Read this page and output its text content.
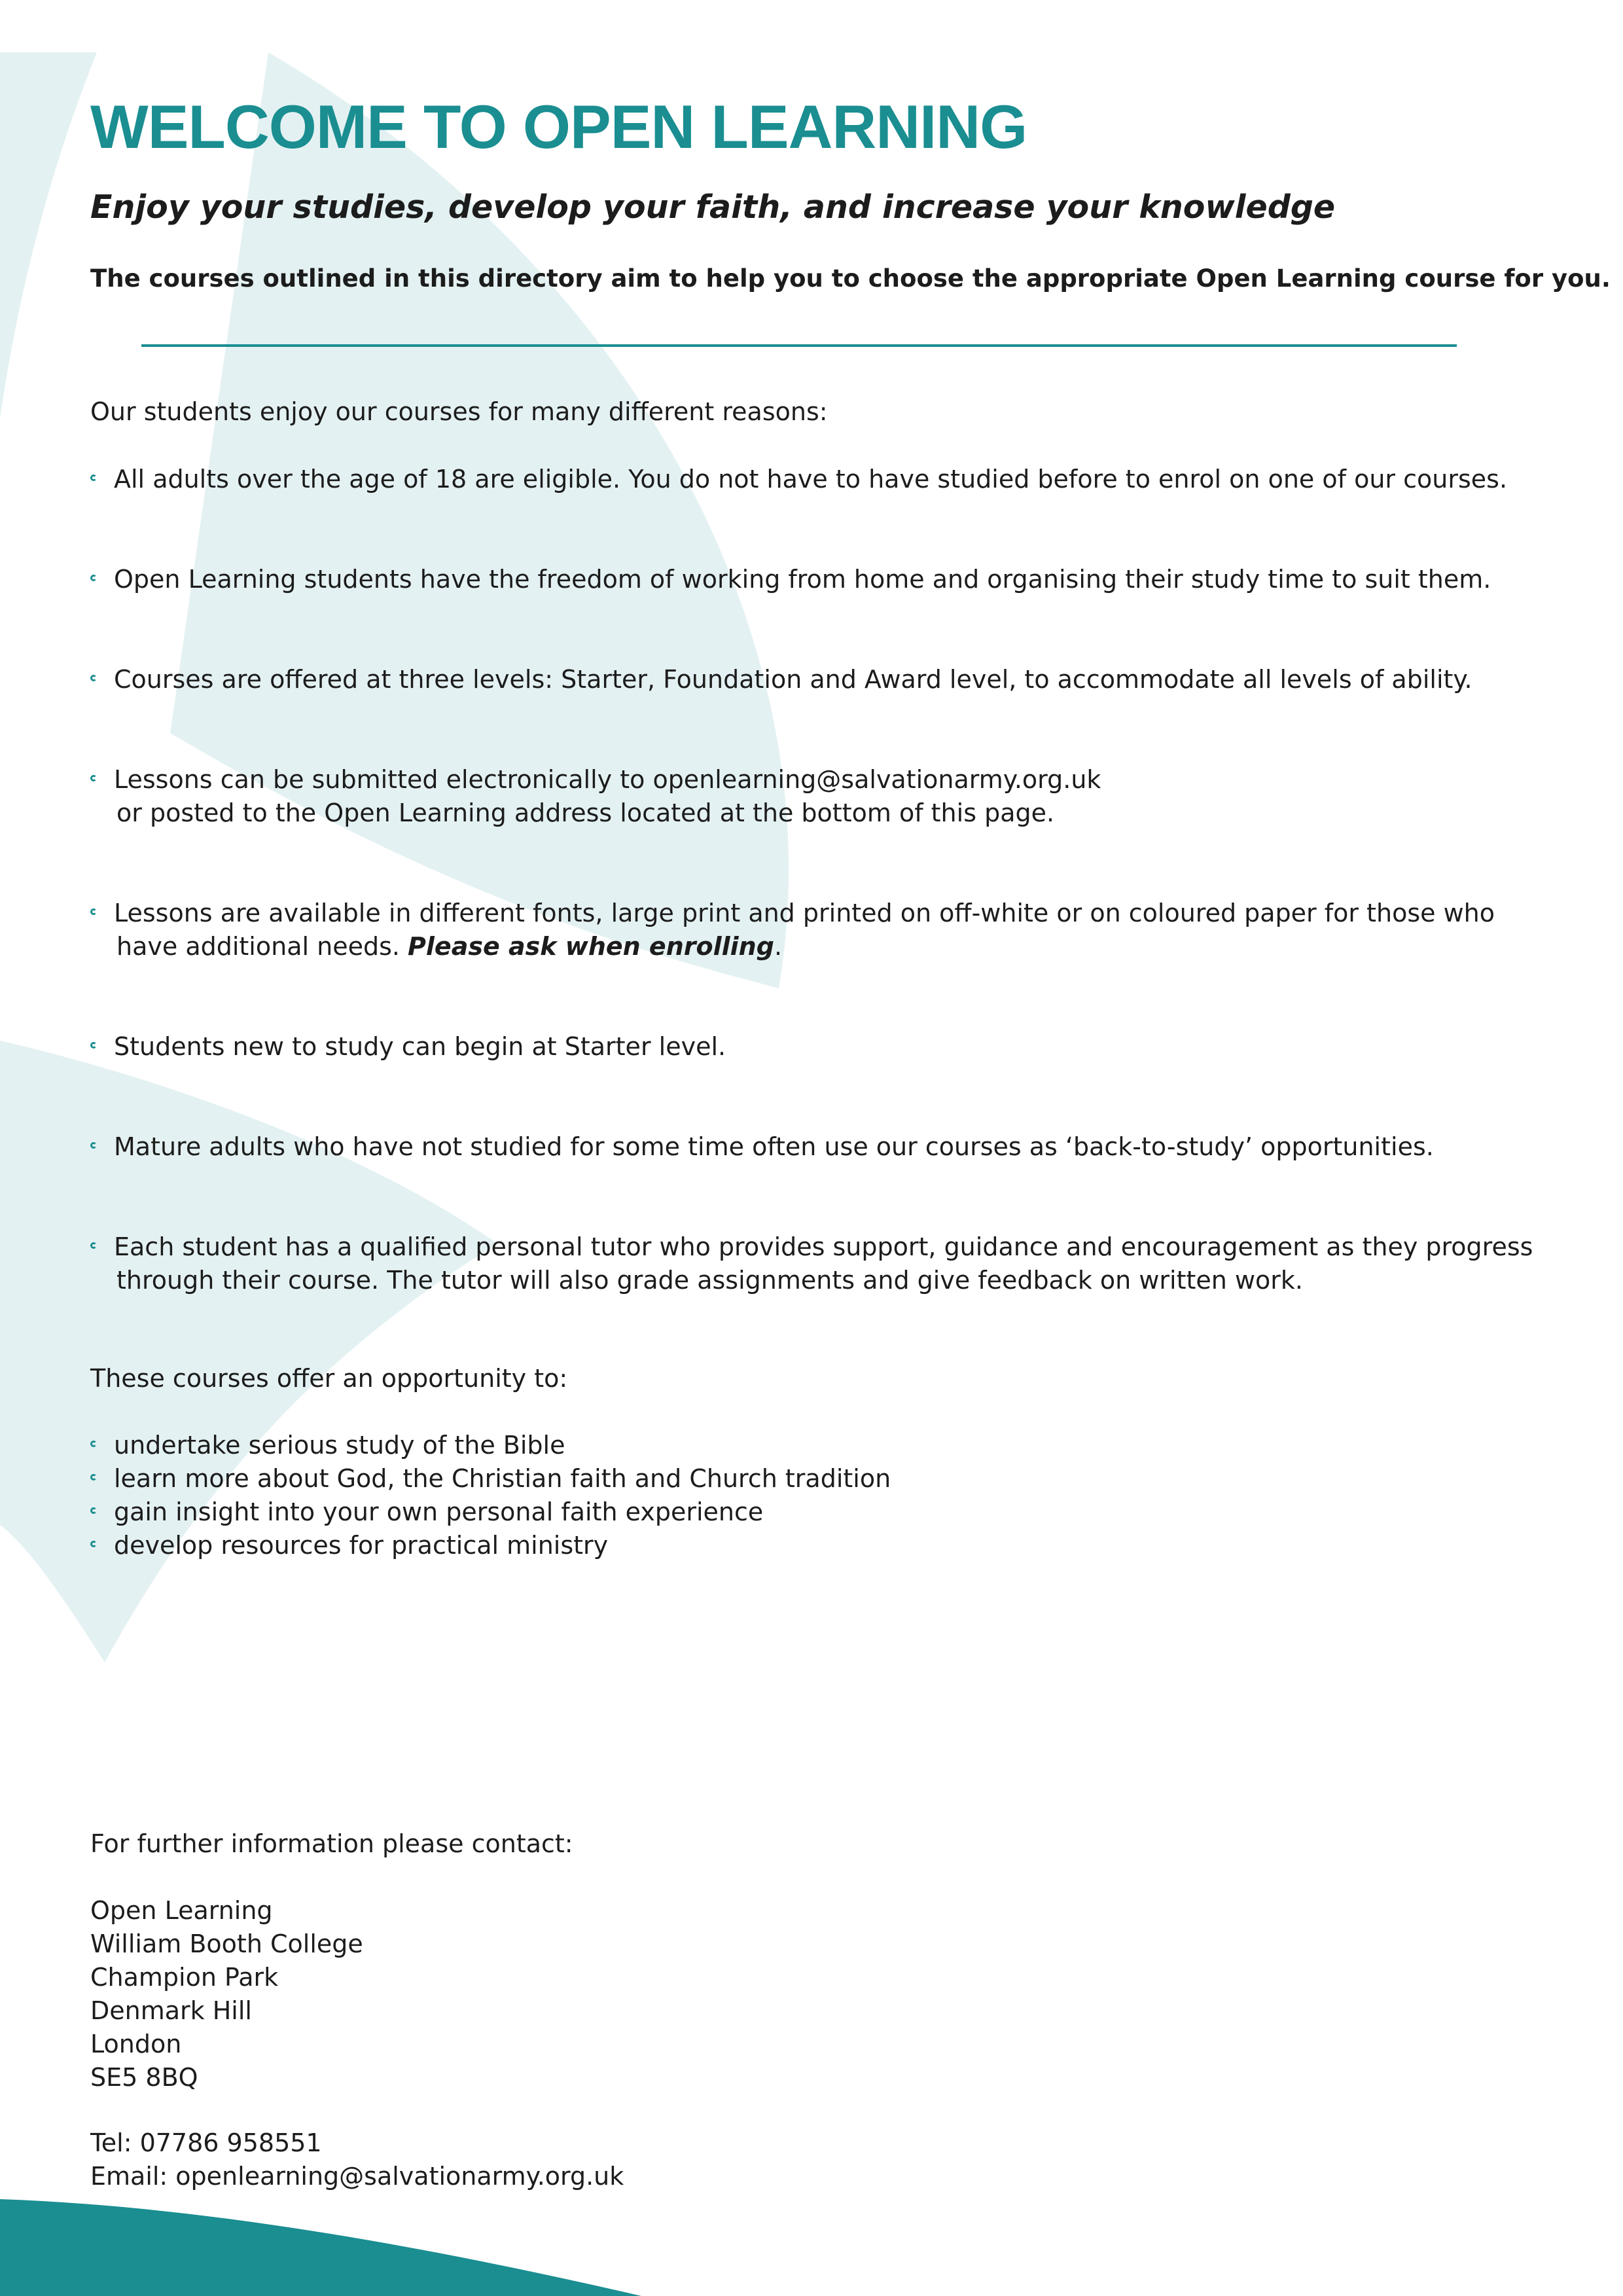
WELCOME TO OPEN LEARNING

Enjoy your studies, develop your faith, and increase your knowledge

The courses outlined in this directory aim to help you to choose the appropriate Open Learning course for you.

Our students enjoy our courses for many different reasons:

All adults over the age of 18 are eligible. You do not have to have studied before to enrol on one of our courses.
Open Learning students have the freedom of working from home and organising their study time to suit them.
Courses are offered at three levels: Starter, Foundation and Award level, to accommodate all levels of ability.
Lessons can be submitted electronically to openlearning@salvationarmy.org.uk
or posted to the Open Learning address located at the bottom of this page.
Lessons are available in different fonts, large print and printed on off-white or on coloured paper for those who
have additional needs. Please ask when enrolling.
Students new to study can begin at Starter level.
Mature adults who have not studied for some time often use our courses as ‘back-to-study’ opportunities.
Each student has a qualified personal tutor who provides support, guidance and encouragement as they progress
through their course. The tutor will also grade assignments and give feedback on written work.

These courses offer an opportunity to:

undertake serious study of the Bible
learn more about God, the Christian faith and Church tradition
gain insight into your own personal faith experience
develop resources for practical ministry

For further information please contact:

Open Learning
William Booth College
Champion Park
Denmark Hill
London
SE5 8BQ
Tel: 07786 958551
Email: openlearning@salvationarmy.org.uk
